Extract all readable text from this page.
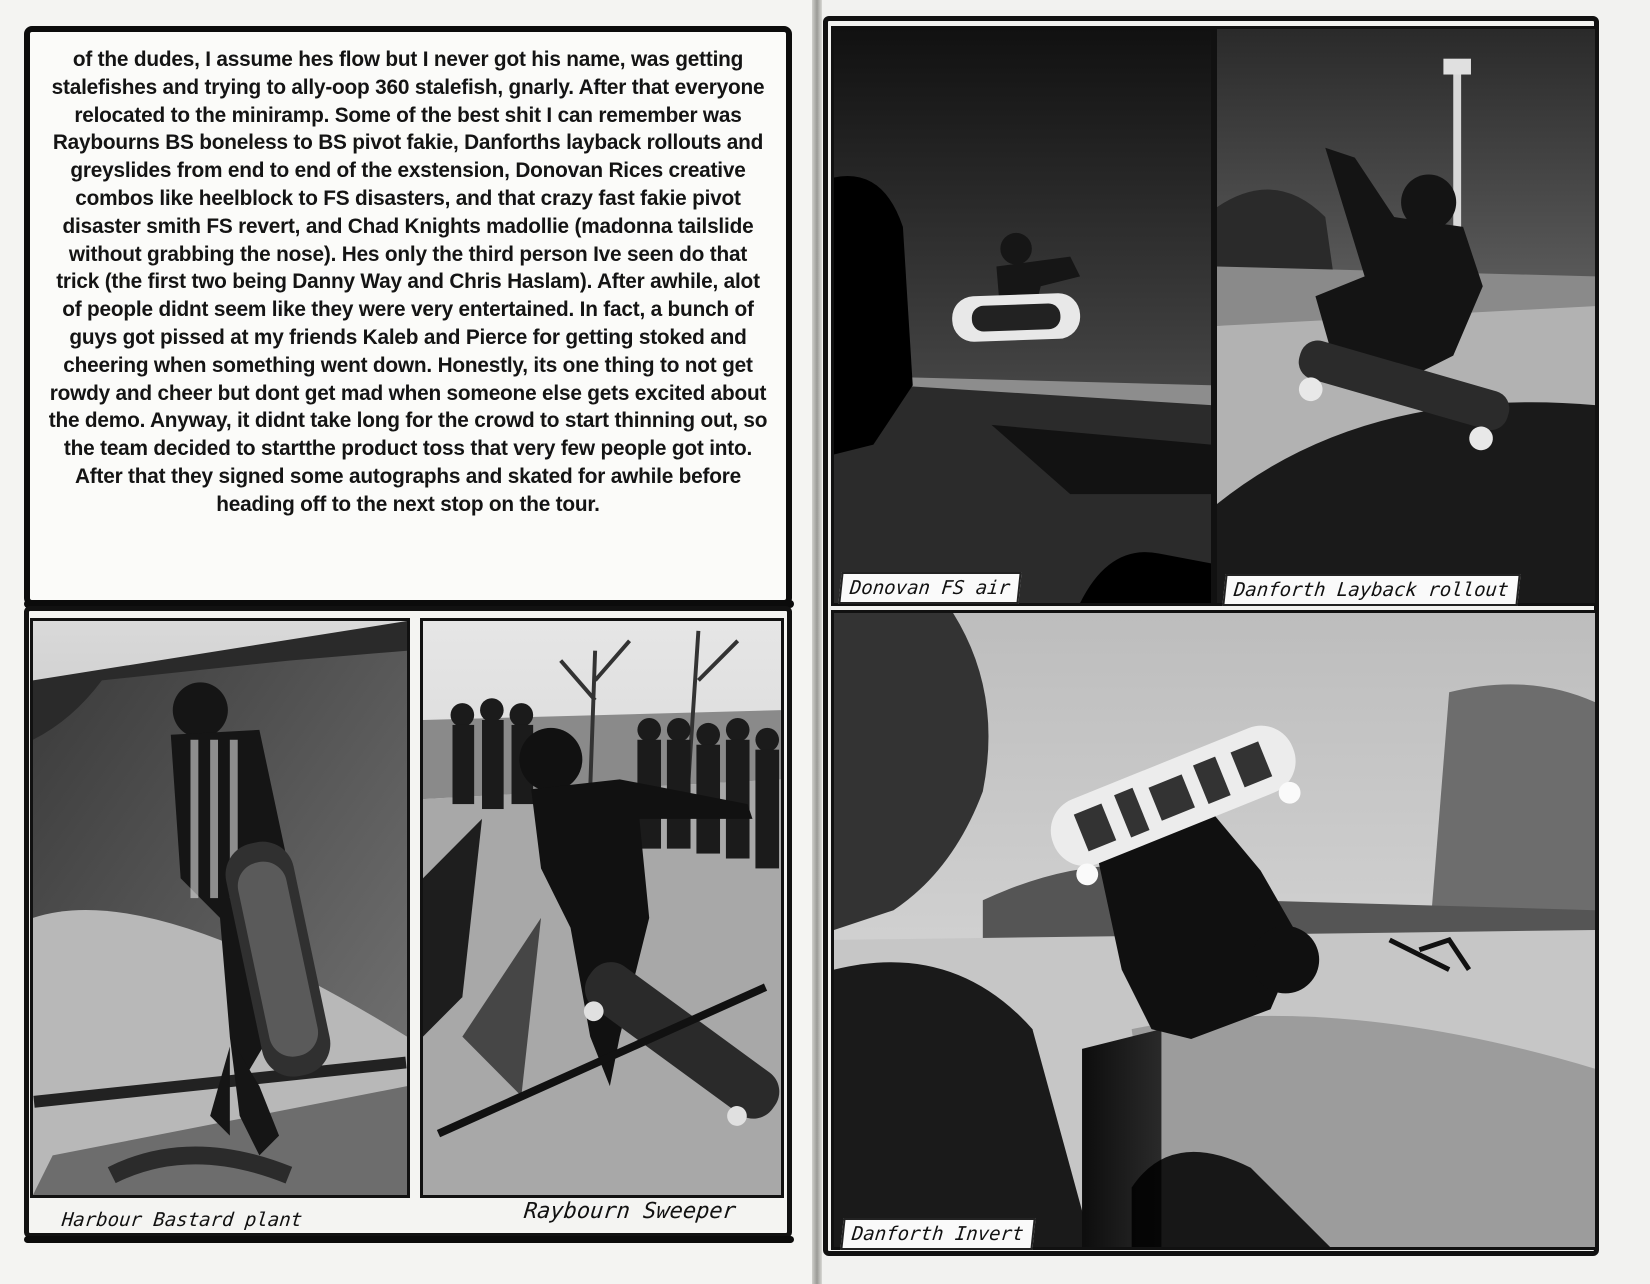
of the dudes, I assume hes flow but I never got his name, was getting stalefishes and trying to ally-oop 360 stalefish, gnarly. After that everyone relocated to the miniramp. Some of the best shit I can remember was Raybourns BS boneless to BS pivot fakie, Danforths layback rollouts and greyslides from end to end of the exstension, Donovan Rices creative combos like heelblock to FS disasters, and that crazy fast fakie pivot disaster smith FS revert, and Chad Knights madollie (madonna tailslide without grabbing the nose). Hes only the third person Ive seen do that trick (the first two being Danny Way and Chris Haslam). After awhile, alot of people didnt seem like they were very entertained. In fact, a bunch of guys got pissed at my friends Kaleb and Pierce for getting stoked and cheering when something went down. Honestly, its one thing to not get rowdy and cheer but dont get mad when someone else gets excited about the demo. Anyway, it didnt take long for the crowd to start thinning out, so the team decided to startthe product toss that very few people got into. After that they signed some autographs and skated for awhile before heading off to the next stop on the tour.

Harbour Bastard plant	Raybourn Sweeper
Donovan FS air	Danforth Layback rollout
Danforth Invert
